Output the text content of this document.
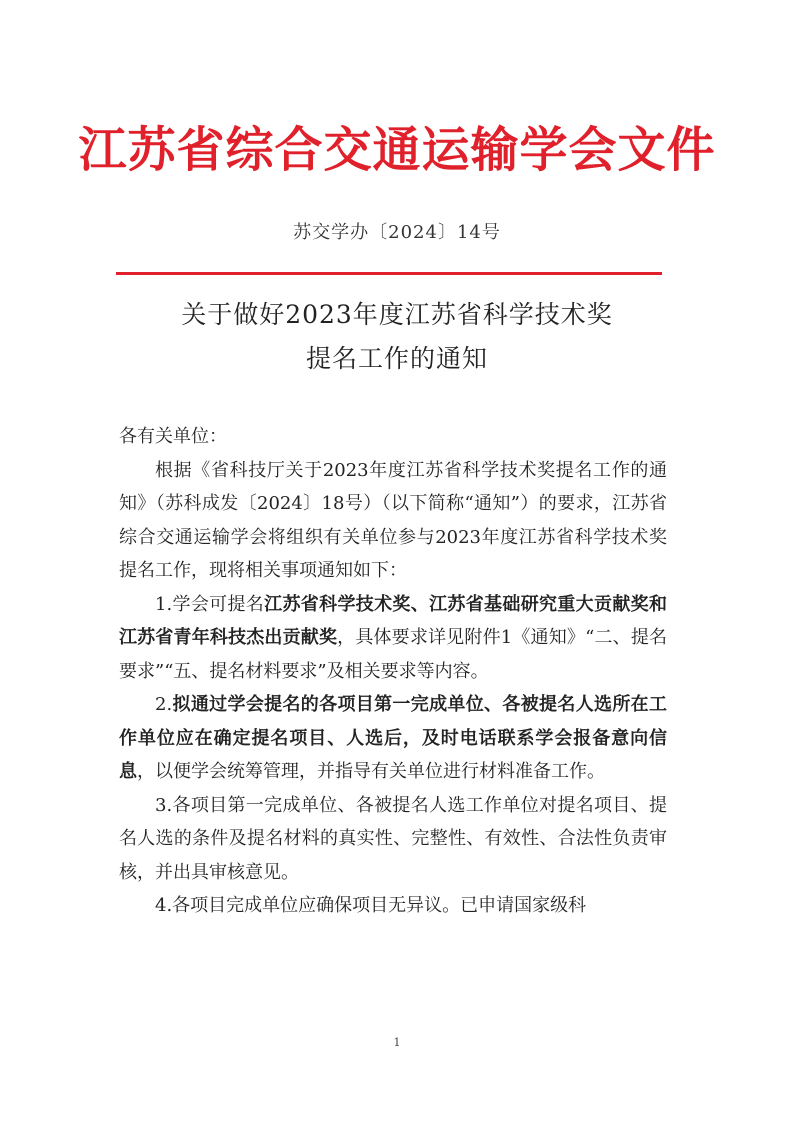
江苏省综合交通运输学会文件
苏交学办〔2024〕14号
关于做好2023年度江苏省科学技术奖
提名工作的通知

各有关单位：

根据《省科技厅关于2023年度江苏省科学技术奖提名工作的通知》（苏科成发〔2024〕18号）（以下简称“通知”）的要求，江苏省综合交通运输学会将组织有关单位参与2023年度江苏省科学技术奖提名工作，现将相关事项通知如下：

1.学会可提名江苏省科学技术奖、江苏省基础研究重大贡献奖和江苏省青年科技杰出贡献奖，具体要求详见附件1《通知》“二、提名要求”“五、提名材料要求”及相关要求等内容。

2.拟通过学会提名的各项目第一完成单位、各被提名人选所在工作单位应在确定提名项目、人选后，及时电话联系学会报备意向信息，以便学会统筹管理，并指导有关单位进行材料准备工作。

3.各项目第一完成单位、各被提名人选工作单位对提名项目、提名人选的条件及提名材料的真实性、完整性、有效性、合法性负责审核，并出具审核意见。

4.各项目完成单位应确保项目无异议。已申请国家级科

1
